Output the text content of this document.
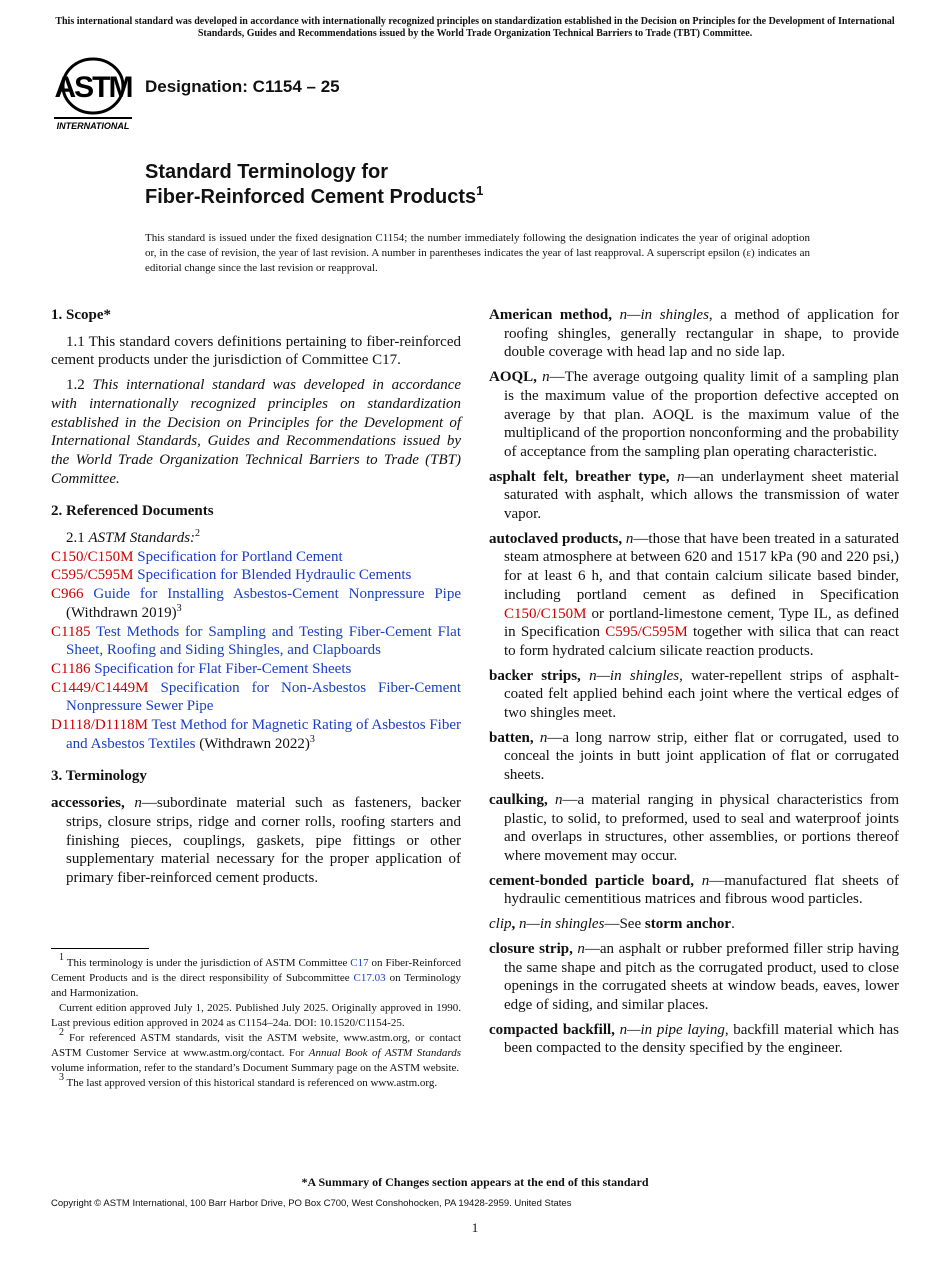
This international standard was developed in accordance with internationally recognized principles on standardization established in the Decision on Principles for the Development of International Standards, Guides and Recommendations issued by the World Trade Organization Technical Barriers to Trade (TBT) Committee.
ASTM
INTERNATIONAL
Designation: C1154 – 25
Standard Terminology for
Fiber-Reinforced Cement Products$^1$
This standard is issued under the fixed designation C1154; the number immediately following the designation indicates the year of original adoption or, in the case of revision, the year of last revision. A number in parentheses indicates the year of last reapproval. A superscript epsilon (ε) indicates an editorial change since the last revision or reapproval.
1. Scope*

1.1 This standard covers definitions pertaining to fiber-reinforced cement products under the jurisdiction of Committee C17.

1.2 This international standard was developed in accordance with internationally recognized principles on standardization established in the Decision on Principles for the Development of International Standards, Guides and Recommendations issued by the World Trade Organization Technical Barriers to Trade (TBT) Committee.

2. Referenced Documents

2.1 ASTM Standards:$^2$

C150/C150M Specification for Portland Cement
C595/C595M Specification for Blended Hydraulic Cements
C966 Guide for Installing Asbestos-Cement Nonpressure Pipe (Withdrawn 2019)$^3$
C1185 Test Methods for Sampling and Testing Fiber-Cement Flat Sheet, Roofing and Siding Shingles, and Clapboards
C1186 Specification for Flat Fiber-Cement Sheets
C1449/C1449M Specification for Non-Asbestos Fiber-Cement Nonpressure Sewer Pipe
D1118/D1118M Test Method for Magnetic Rating of Asbestos Fiber and Asbestos Textiles (Withdrawn 2022)$^3$
3. Terminology
accessories, n—subordinate material such as fasteners, backer strips, closure strips, ridge and corner rolls, roofing starters and finishing pieces, couplings, gaskets, pipe fittings or other supplementary material necessary for the proper application of primary fiber-reinforced cement products.
American method, n—in shingles, a method of application for roofing shingles, generally rectangular in shape, to provide double coverage with head lap and no side lap.
AOQL, n—The average outgoing quality limit of a sampling plan is the maximum value of the proportion defective accepted on average by that plan. AOQL is the maximum value of the multiplicand of the proportion nonconforming and the probability of acceptance from the sampling plan operating characteristic.
asphalt felt, breather type, n—an underlayment sheet material saturated with asphalt, which allows the transmission of water vapor.
autoclaved products, n—those that have been treated in a saturated steam atmosphere at between 620 and 1517 kPa (90 and 220 psi,) for at least 6 h, and that contain calcium silicate based binder, including portland cement as defined in Specification C150/C150M or portland-limestone cement, Type IL, as defined in Specification C595/C595M together with silica that can react to form hydrated calcium silicate reaction products.
backer strips, n—in shingles, water-repellent strips of asphalt-coated felt applied behind each joint where the vertical edges of two shingles meet.
batten, n—a long narrow strip, either flat or corrugated, used to conceal the joints in butt joint application of flat or corrugated sheets.
caulking, n—a material ranging in physical characteristics from plastic, to solid, to preformed, used to seal and waterproof joints and overlaps in structures, other assemblies, or portions thereof where movement may occur.
cement-bonded particle board, n—manufactured flat sheets of hydraulic cementitious matrices and fibrous wood particles.
clip, n—in shingles—See storm anchor.
closure strip, n—an asphalt or rubber preformed filler strip having the same shape and pitch as the corrugated product, used to close openings in the corrugated sheets at window beads, eaves, lower edge of siding, and similar places.
compacted backfill, n—in pipe laying, backfill material which has been compacted to the density specified by the engineer.

$^1$ This terminology is under the jurisdiction of ASTM Committee C17 on Fiber-Reinforced Cement Products and is the direct responsibility of Subcommittee C17.03 on Terminology and Harmonization.

Current edition approved July 1, 2025. Published July 2025. Originally approved in 1990. Last previous edition approved in 2024 as C1154–24a. DOI: 10.1520/C1154-25.

$^2$ For referenced ASTM standards, visit the ASTM website, www.astm.org, or contact ASTM Customer Service at www.astm.org/contact. For Annual Book of ASTM Standards volume information, refer to the standard’s Document Summary page on the ASTM website.

$^3$ The last approved version of this historical standard is referenced on www.astm.org.

*A Summary of Changes section appears at the end of this standard
Copyright © ASTM International, 100 Barr Harbor Drive, PO Box C700, West Conshohocken, PA 19428-2959. United States
1
